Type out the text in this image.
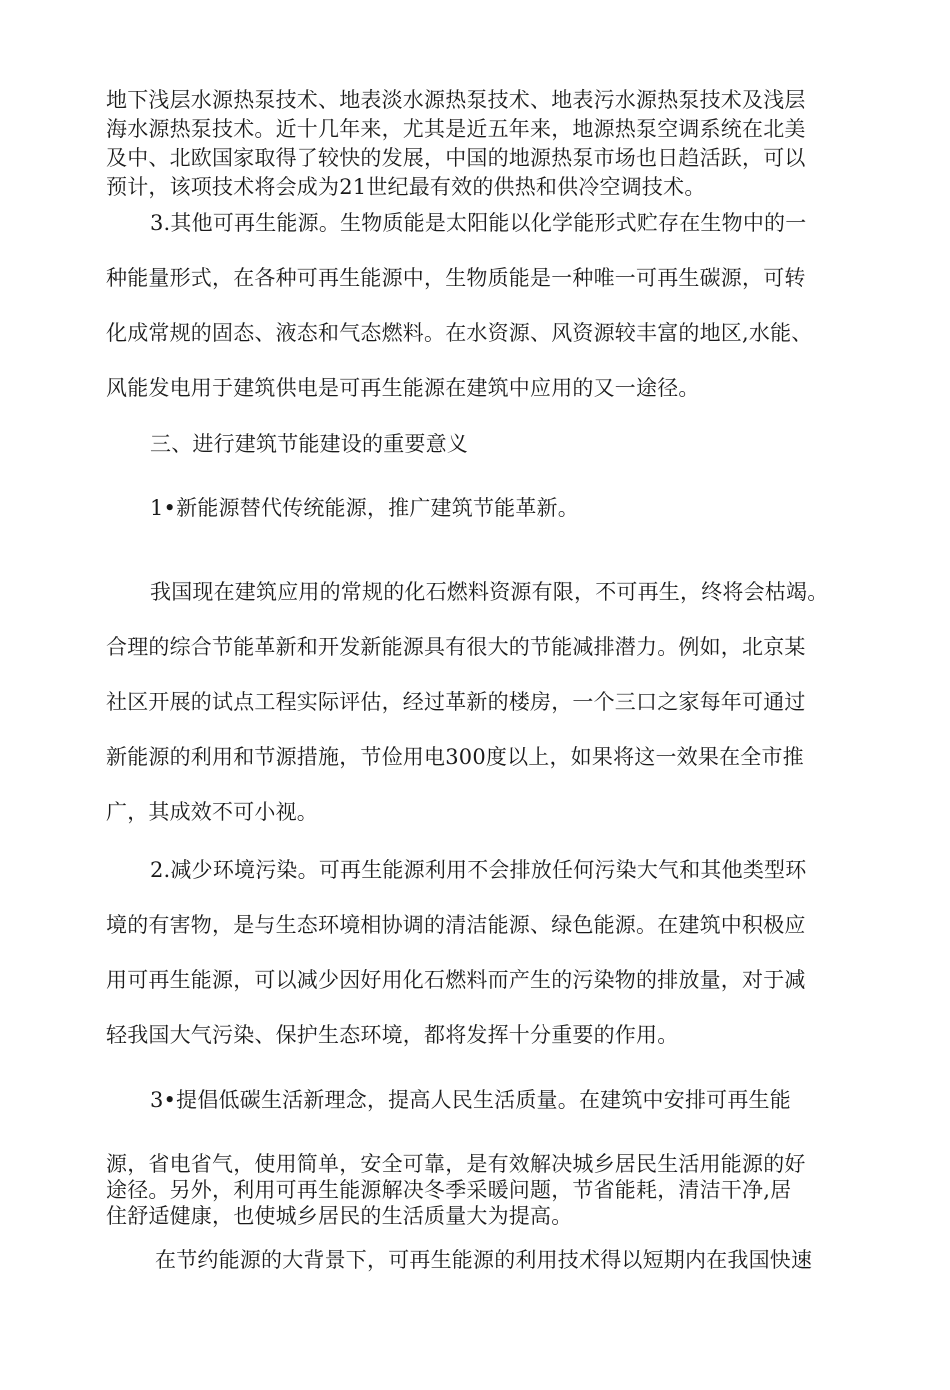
地下浅层水源热泵技术、地表淡水源热泵技术、地表污水源热泵技术及浅层
海水源热泵技术。近十几年来，尤其是近五年来，地源热泵空调系统在北美
及中、北欧国家取得了较快的发展，中国的地源热泵市场也日趋活跃，可以
预计，该项技术将会成为21世纪最有效的供热和供冷空调技术。
3.其他可再生能源。生物质能是太阳能以化学能形式贮存在生物中的一
种能量形式，在各种可再生能源中，生物质能是一种唯一可再生碳源，可转
化成常规的固态、液态和气态燃料。在水资源、风资源较丰富的地区,水能、
风能发电用于建筑供电是可再生能源在建筑中应用的又一途径。
三、进行建筑节能建设的重要意义
1•新能源替代传统能源，推广建筑节能革新。
我国现在建筑应用的常规的化石燃料资源有限，不可再生，终将会枯竭。
合理的综合节能革新和开发新能源具有很大的节能减排潜力。例如，北京某
社区开展的试点工程实际评估，经过革新的楼房，一个三口之家每年可通过
新能源的利用和节源措施，节俭用电300度以上，如果将这一效果在全市推
广，其成效不可小视。
2.减少环境污染。可再生能源利用不会排放任何污染大气和其他类型环
境的有害物，是与生态环境相协调的清洁能源、绿色能源。在建筑中积极应
用可再生能源，可以减少因好用化石燃料而产生的污染物的排放量，对于减
轻我国大气污染、保护生态环境，都将发挥十分重要的作用。
3•提倡低碳生活新理念，提高人民生活质量。在建筑中安排可再生能
源，省电省气，使用简单，安全可靠，是有效解决城乡居民生活用能源的好
途径。另外，利用可再生能源解决冬季采暖问题，节省能耗，清洁干净,居
住舒适健康，也使城乡居民的生活质量大为提高。
在节约能源的大背景下，可再生能源的利用技术得以短期内在我国快速
